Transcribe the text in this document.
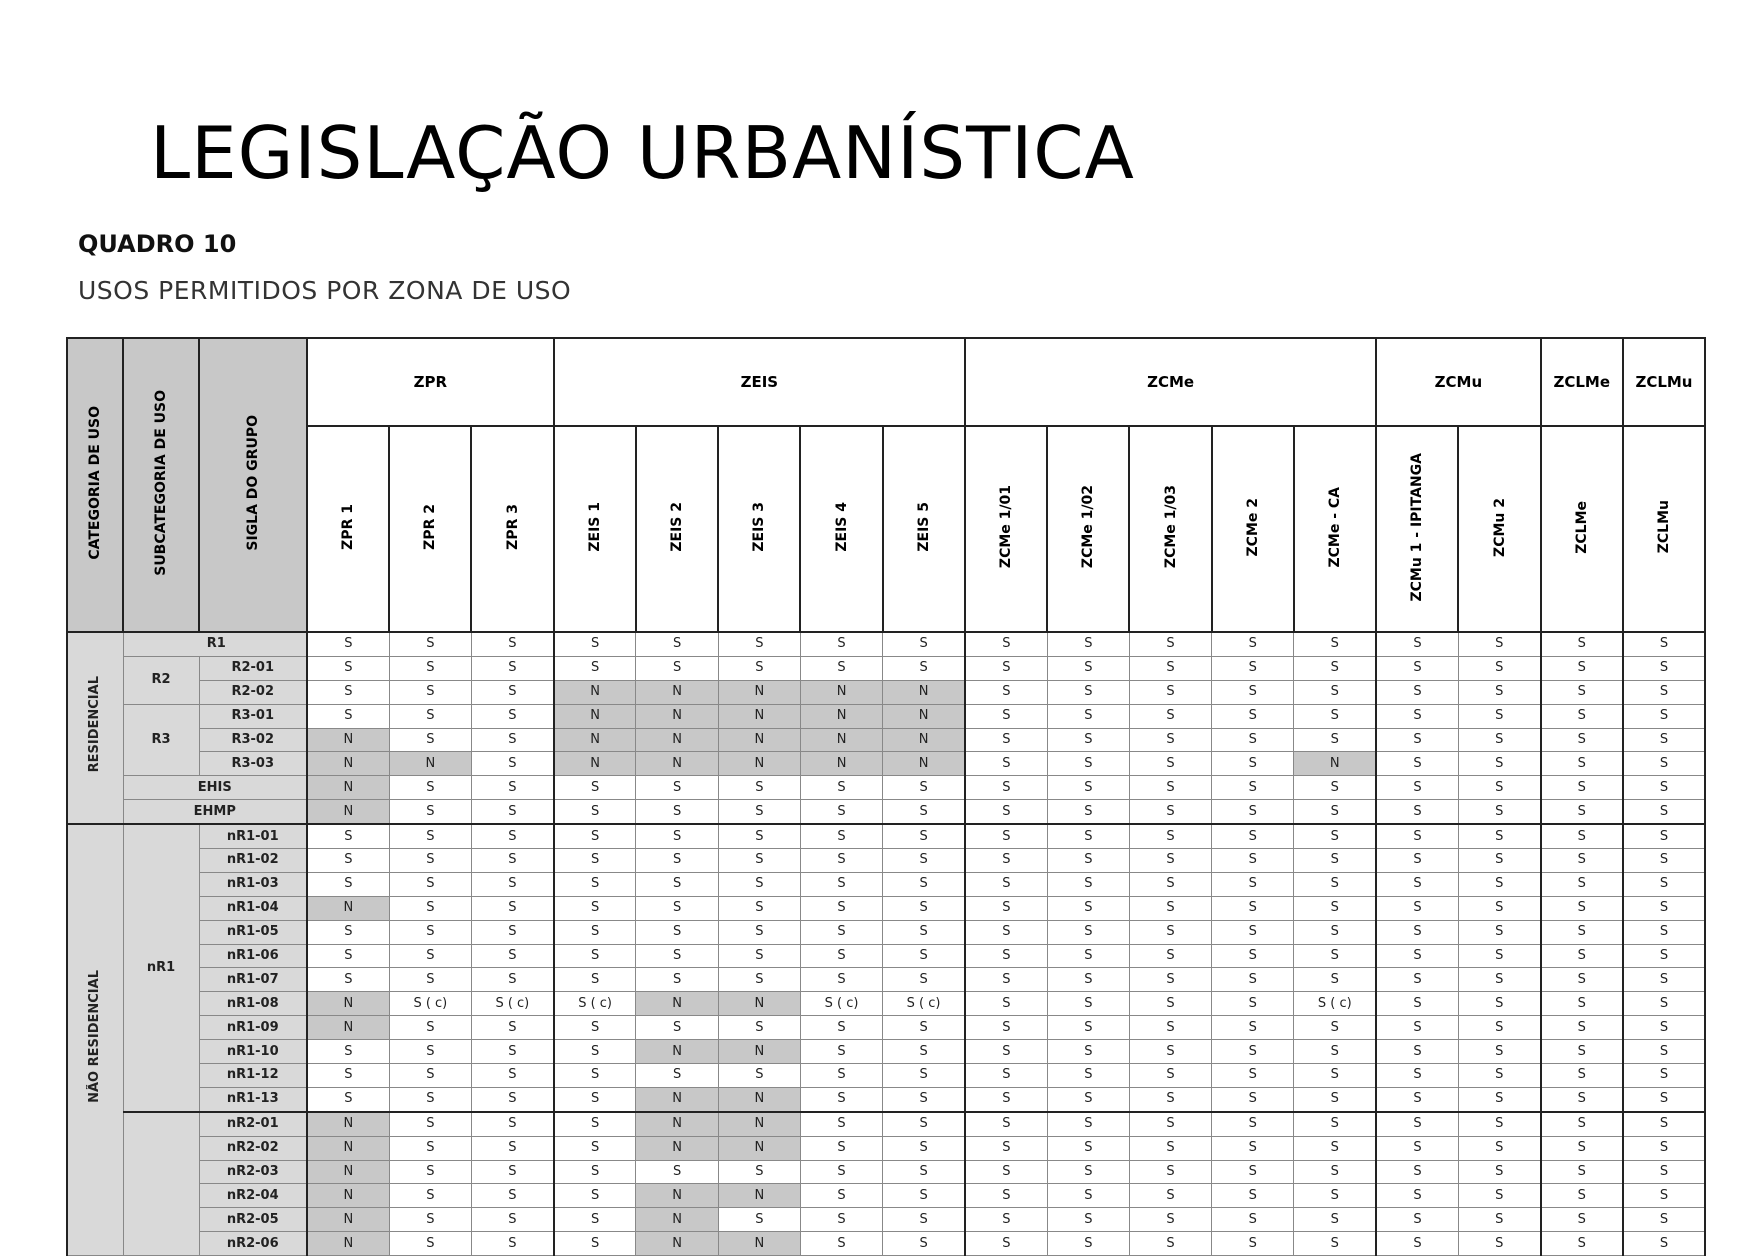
LEGISLAÇÃO URBANÍSTICA
QUADRO 10
USOS PERMITIDOS POR ZONA DE USO
CATEGORIA DE USO	SUBCATEGORIA DE USO	SIGLA DO GRUPO	ZPR			ZEIS					ZCMe					ZCMu		ZCLMe	ZCLMu
			ZPR 1	ZPR 2	ZPR 3	ZEIS 1	ZEIS 2	ZEIS 3	ZEIS 4	ZEIS 5	ZCMe 1/01	ZCMe 1/02	ZCMe 1/03	ZCMe 2	ZCMe - CA	ZCMu 1 - IPITANGA	ZCMu 2	ZCLMe	ZCLMu
RESIDENCIAL	R1		S	S	S	S	S	S	S	S	S	S	S	S	S	S	S	S	S
	R2	R2-01	S	S	S	S	S	S	S	S	S	S	S	S	S	S	S	S	S
		R2-02	S	S	S	N	N	N	N	N	S	S	S	S	S	S	S	S	S
	R3	R3-01	S	S	S	N	N	N	N	N	S	S	S	S	S	S	S	S	S
		R3-02	N	S	S	N	N	N	N	N	S	S	S	S	S	S	S	S	S
		R3-03	N	N	S	N	N	N	N	N	S	S	S	S	N	S	S	S	S
	EHIS		N	S	S	S	S	S	S	S	S	S	S	S	S	S	S	S	S
	EHMP		N	S	S	S	S	S	S	S	S	S	S	S	S	S	S	S	S
NÃO RESIDENCIAL	nR1	nR1-01	S	S	S	S	S	S	S	S	S	S	S	S	S	S	S	S	S
		nR1-02	S	S	S	S	S	S	S	S	S	S	S	S	S	S	S	S	S
		nR1-03	S	S	S	S	S	S	S	S	S	S	S	S	S	S	S	S	S
		nR1-04	N	S	S	S	S	S	S	S	S	S	S	S	S	S	S	S	S
		nR1-05	S	S	S	S	S	S	S	S	S	S	S	S	S	S	S	S	S
		nR1-06	S	S	S	S	S	S	S	S	S	S	S	S	S	S	S	S	S
		nR1-07	S	S	S	S	S	S	S	S	S	S	S	S	S	S	S	S	S
		nR1-08	N	S ( c)	S ( c)	S ( c)	N	N	S ( c)	S ( c)	S	S	S	S	S ( c)	S	S	S	S
		nR1-09	N	S	S	S	S	S	S	S	S	S	S	S	S	S	S	S	S
		nR1-10	S	S	S	S	N	N	S	S	S	S	S	S	S	S	S	S	S
		nR1-12	S	S	S	S	S	S	S	S	S	S	S	S	S	S	S	S	S
		nR1-13	S	S	S	S	N	N	S	S	S	S	S	S	S	S	S	S	S
		nR2-01	N	S	S	S	N	N	S	S	S	S	S	S	S	S	S	S	S
		nR2-02	N	S	S	S	N	N	S	S	S	S	S	S	S	S	S	S	S
		nR2-03	N	S	S	S	S	S	S	S	S	S	S	S	S	S	S	S	S
		nR2-04	N	S	S	S	N	N	S	S	S	S	S	S	S	S	S	S	S
		nR2-05	N	S	S	S	N	S	S	S	S	S	S	S	S	S	S	S	S
		nR2-06	N	S	S	S	N	N	S	S	S	S	S	S	S	S	S	S	S
